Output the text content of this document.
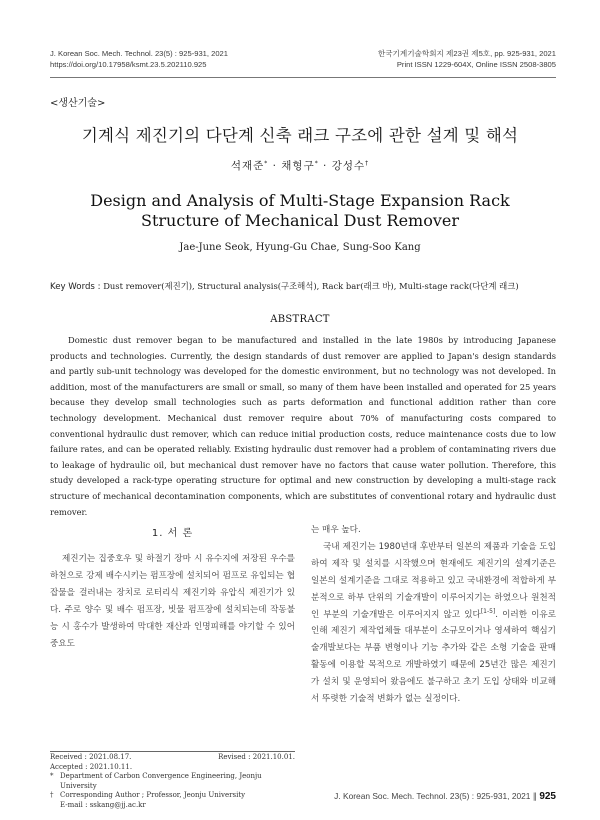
J. Korean Soc. Mech. Technol. 23(5) : 925-931, 2021
https://doi.org/10.17958/ksmt.23.5.202110.925
한국기계기술학회지 제23권 제5호, pp. 925-931, 2021
Print ISSN 1229-604X, Online ISSN 2508-3805
<생산기술>
기계식 제진기의 다단계 신축 래크 구조에 관한 설계 및 해석
석재준* · 채형구* · 강성수†
Design and Analysis of Multi-Stage Expansion Rack
Structure of Mechanical Dust Remover
Jae-June Seok, Hyung-Gu Chae, Sung-Soo Kang
Key Words : Dust remover(제진기), Structural analysis(구조해석), Rack bar(래크 바), Multi-stage rack(다단계 래크)
ABSTRACT

Domestic dust remover began to be manufactured and installed in the late 1980s by introducing Japanese products and technologies. Currently, the design standards of dust remover are applied to Japan's design standards and partly sub-unit technology was developed for the domestic environment, but no technology was not developed. In addition, most of the manufacturers are small or small, so many of them have been installed and operated for 25 years because they develop small technologies such as parts deformation and functional addition rather than core technology development. Mechanical dust remover require about 70% of manufacturing costs compared to conventional hydraulic dust remover, which can reduce initial production costs, reduce maintenance costs due to low failure rates, and can be operated reliably. Existing hydraulic dust remover had a problem of contaminating rivers due to leakage of hydraulic oil, but mechanical dust remover have no factors that cause water pollution. Therefore, this study developed a rack-type operating structure for optimal and new construction by developing a multi-stage rack structure of mechanical decontamination components, which are substitutes of conventional rotary and hydraulic dust remover.

1. 서 론

제진기는 집중호우 및 하절기 장마 시 유수지에 저장된 우수를 하천으로 강제 배수시키는 펌프장에 설치되어 펌프로 유입되는 협잡물을 걸러내는 장치로 로터리식 제진기와 유압식 제진기가 있다. 주로 양수 및 배수 펌프장, 빗물 펌프장에 설치되는데 작동불능 시 홍수가 발생하여 막대한 재산과 인명피해를 야기할 수 있어 중요도

는 매우 높다.

국내 제진기는 1980년대 후반부터 일본의 제품과 기술을 도입하여 제작 및 설치를 시작했으며 현재에도 제진기의 설계기준은 일본의 설계기준을 그대로 적용하고 있고 국내환경에 적합하게 부분적으로 하부 단위의 기술개발이 이루어지기는 하였으나 원천적인 부분의 기술개발은 이루어지지 않고 있다[1-5]. 이러한 이유로 인해 제진기 제작업체들 대부분이 소규모이거나 영세하여 핵심기술개발보다는 부품 변형이나 기능 추가와 같은 소형 기술을 판매 활동에 이용할 목적으로 개발하였기 때문에 25년간 많은 제진기가 설치 및 운영되어 왔음에도 불구하고 초기 도입 상태와 비교해서 뚜렷한 기술적 변화가 없는 실정이다.

Received : 2021.08.17.	Revised : 2021.10.01.
Accepted : 2021.10.11.
* Department of Carbon Convergence Engineering, Jeonju University
† Corresponding Author ; Professor, Jeonju University
E-mail : sskang@jj.ac.kr
J. Korean Soc. Mech. Technol. 23(5) : 925-931, 2021 ∥ 925
